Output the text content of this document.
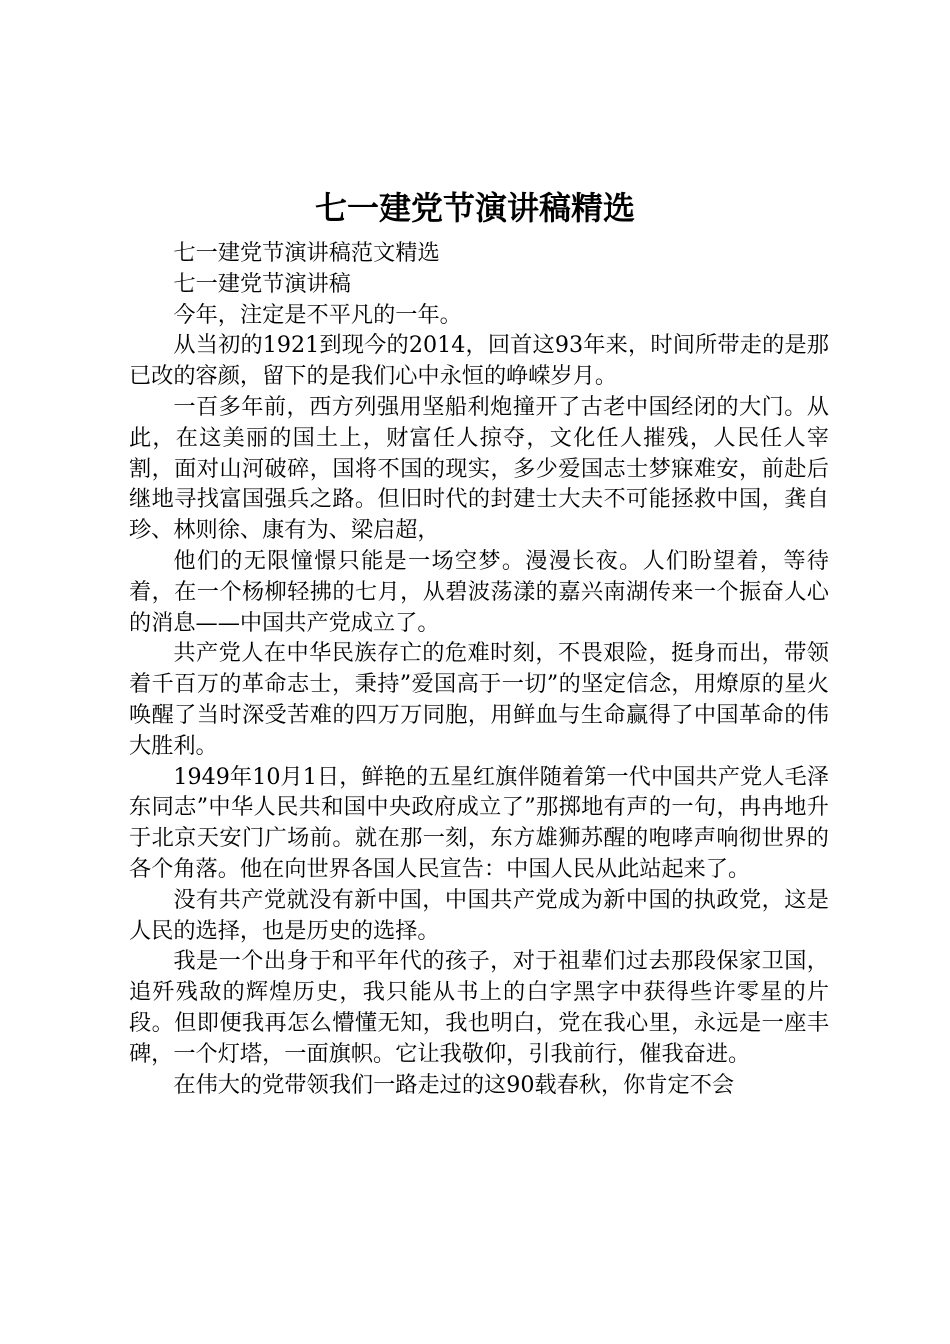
七一建党节演讲稿精选

七一建党节演讲稿范文精选

七一建党节演讲稿

今年，注定是不平凡的一年。

从当初的1921到现今的2014，回首这93年来，时间所带走的是那已改的容颜，留下的是我们心中永恒的峥嵘岁月。

一百多年前，西方列强用坚船利炮撞开了古老中国经闭的大门。从此，在这美丽的国土上，财富任人掠夺，文化任人摧残，人民任人宰割，面对山河破碎，国将不国的现实，多少爱国志士梦寐难安，前赴后继地寻找富国强兵之路。但旧时代的封建士大夫不可能拯救中国，龚自珍、林则徐、康有为、梁启超，

他们的无限憧憬只能是一场空梦。漫漫长夜。人们盼望着，等待着，在一个杨柳轻拂的七月，从碧波荡漾的嘉兴南湖传来一个振奋人心的消息——中国共产党成立了。

共产党人在中华民族存亡的危难时刻，不畏艰险，挺身而出，带领着千百万的革命志士，秉持”爱国高于一切”的坚定信念，用燎原的星火唤醒了当时深受苦难的四万万同胞，用鲜血与生命赢得了中国革命的伟大胜利。

1949年10月1日，鲜艳的五星红旗伴随着第一代中国共产党人毛泽东同志”中华人民共和国中央政府成立了”那掷地有声的一句，冉冉地升于北京天安门广场前。就在那一刻，东方雄狮苏醒的咆哮声响彻世界的各个角落。他在向世界各国人民宣告：中国人民从此站起来了。

没有共产党就没有新中国，中国共产党成为新中国的执政党，这是人民的选择，也是历史的选择。

我是一个出身于和平年代的孩子，对于祖辈们过去那段保家卫国，追歼残敌的辉煌历史，我只能从书上的白字黑字中获得些许零星的片段。但即便我再怎么懵懂无知，我也明白，党在我心里，永远是一座丰碑，一个灯塔，一面旗帜。它让我敬仰，引我前行，催我奋进。

在伟大的党带领我们一路走过的这90载春秋，你肯定不会
